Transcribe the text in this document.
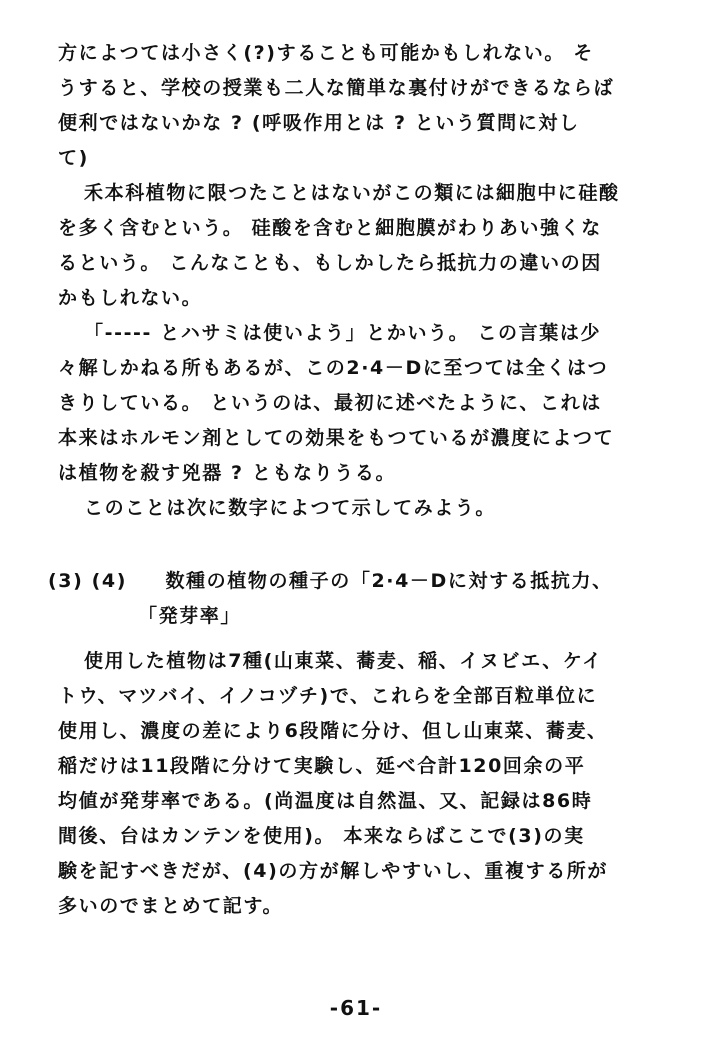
方によつては小さく(?)することも可能かもしれない。 そ
うすると、学校の授業も二人な簡単な裏付けができるならば
便利ではないかな ? (呼吸作用とは ? という質問に対し
て)
禾本科植物に限つたことはないがこの類には細胞中に硅酸
を多く含むという。 硅酸を含むと細胞膜がわりあい強くな
るという。 こんなことも、もしかしたら抵抗力の違いの因
かもしれない。
「----- とハサミは使いよう」とかいう。 この言葉は少
々解しかねる所もあるが、この2·4－Dに至つては全くはつ
きりしている。 というのは、最初に述べたように、これは
本来はホルモン剤としての効果をもつているが濃度によつて
は植物を殺す兇器 ? ともなりうる。
このことは次に数字によつて示してみよう。
(3) (4) 数種の植物の種子の「2·4－Dに対する抵抗力、
「発芽率」
使用した植物は7種(山東菜、蕎麦、稲、イヌビエ、ケイ
トウ、マツバイ、イノコヅチ)で、これらを全部百粒単位に
使用し、濃度の差により6段階に分け、但し山東菜、蕎麦、
稲だけは11段階に分けて実験し、延べ合計120回余の平
均値が発芽率である。(尚温度は自然温、又、記録は86時
間後、台はカンテンを使用)。 本来ならばここで(3)の実
験を記すべきだが、(4)の方が解しやすいし、重複する所が
多いのでまとめて記す。
-61-
